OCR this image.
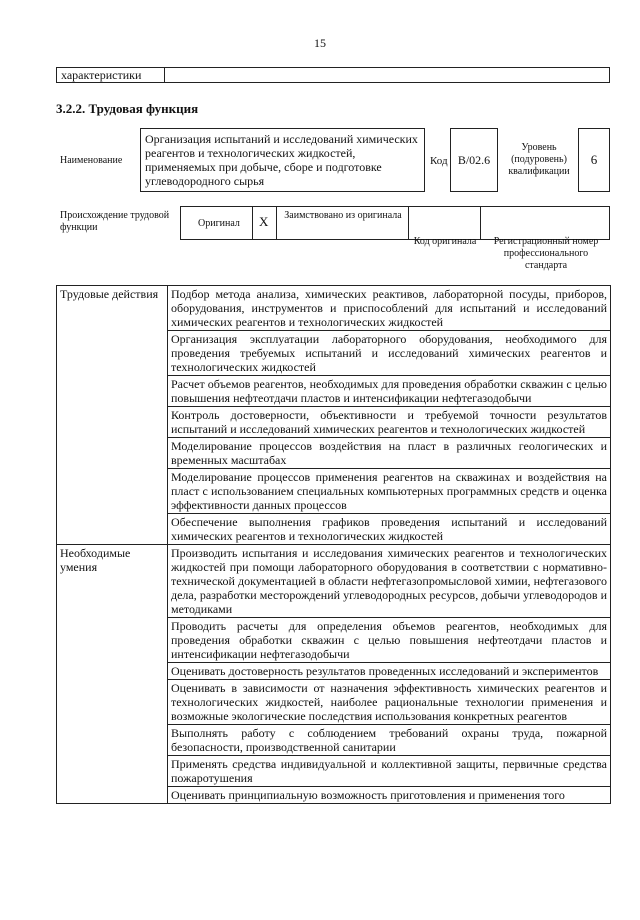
15
характеристики
3.2.2. Трудовая функция
Наименование
Организация испытаний и исследований химических реагентов и технологических жидкостей, применяемых при добыче, сборе и подготовке углеводородного сырья
Код B/02.6
Уровень (подуровень) квалификации
6
Происхождение трудовой функции	Оригинал X	Заимствовано из оригинала
Код оригинала	Регистрационный номер профессионального стандарта
Трудовые действия	Подбор метода анализа, химических реактивов, лабораторной посуды, приборов, оборудования, инструментов и приспособлений для испытаний и исследований химических реагентов и технологических жидкостей
	Организация эксплуатации лабораторного оборудования, необходимого для проведения требуемых испытаний и исследований химических реагентов и технологических жидкостей
	Расчет объемов реагентов, необходимых для проведения обработки скважин с целью повышения нефтеотдачи пластов и интенсификации нефтегазодобычи
	Контроль достоверности, объективности и требуемой точности результатов испытаний и исследований химических реагентов и технологических жидкостей
	Моделирование процессов воздействия на пласт в различных геологических и временных масштабах
	Моделирование процессов применения реагентов на скважинах и воздействия на пласт с использованием специальных компьютерных программных средств и оценка эффективности данных процессов
	Обеспечение выполнения графиков проведения испытаний и исследований химических реагентов и технологических жидкостей
Необходимые умения	Производить испытания и исследования химических реагентов и технологических жидкостей при помощи лабораторного оборудования в соответствии с нормативно-технической документацией в области нефтегазопромысловой химии, нефтегазового дела, разработки месторождений углеводородных ресурсов, добычи углеводородов и методиками
	Проводить расчеты для определения объемов реагентов, необходимых для проведения обработки скважин с целью повышения нефтеотдачи пластов и интенсификации нефтегазодобычи
	Оценивать достоверность результатов проведенных исследований и экспериментов
	Оценивать в зависимости от назначения эффективность химических реагентов и технологических жидкостей, наиболее рациональные технологии применения и возможные экологические последствия использования конкретных реагентов
	Выполнять работу с соблюдением требований охраны труда, пожарной безопасности, производственной санитарии
	Применять средства индивидуальной и коллективной защиты, первичные средства пожаротушения
	Оценивать принципиальную возможность приготовления и применения того
